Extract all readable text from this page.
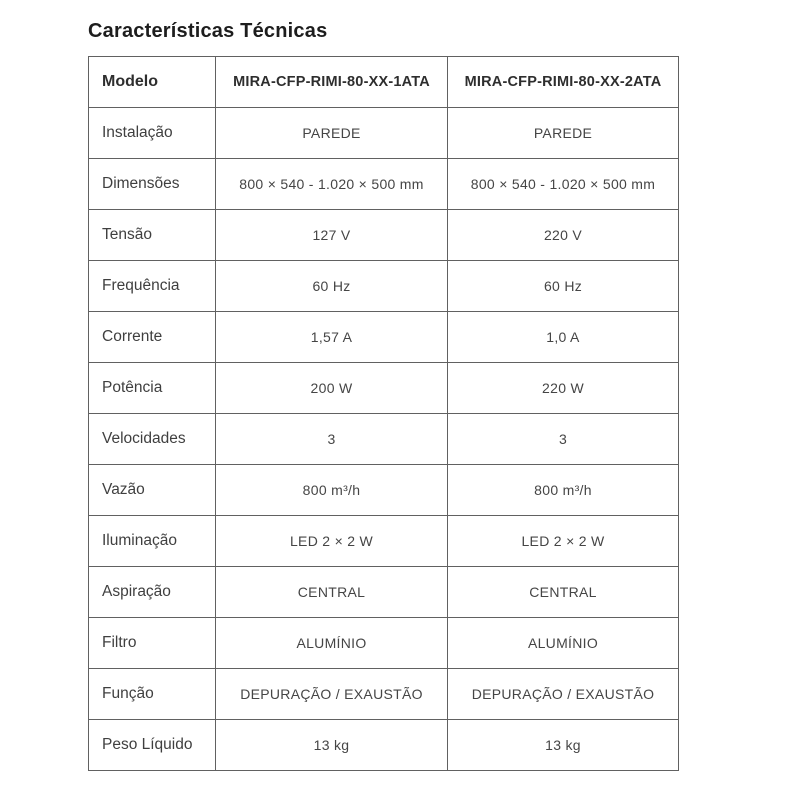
Características Técnicas
Modelo	MIRA-CFP-RIMI-80-XX-1ATA	MIRA-CFP-RIMI-80-XX-2ATA
Instalação	PAREDE	PAREDE
Dimensões	800 × 540 - 1.020 × 500 mm	800 × 540 - 1.020 × 500 mm
Tensão	127 V	220 V
Frequência	60 Hz	60 Hz
Corrente	1,57 A	1,0 A
Potência	200 W	220 W
Velocidades	3	3
Vazão	800 m³/h	800 m³/h
Iluminação	LED 2 × 2 W	LED 2 × 2 W
Aspiração	CENTRAL	CENTRAL
Filtro	ALUMÍNIO	ALUMÍNIO
Função	DEPURAÇÃO / EXAUSTÃO	DEPURAÇÃO / EXAUSTÃO
Peso Líquido	13 kg	13 kg
